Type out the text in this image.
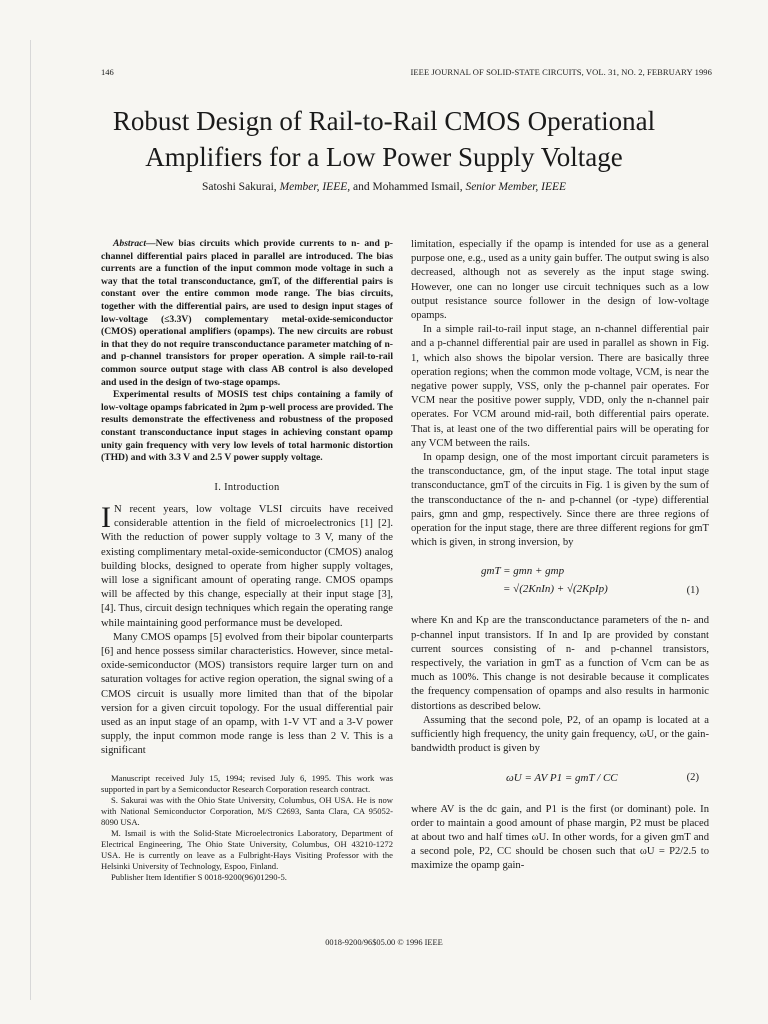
146	IEEE JOURNAL OF SOLID-STATE CIRCUITS, VOL. 31, NO. 2, FEBRUARY 1996
Robust Design of Rail-to-Rail CMOS Operational
Amplifiers for a Low Power Supply Voltage
Satoshi Sakurai, Member, IEEE, and Mohammed Ismail, Senior Member, IEEE

Abstract—New bias circuits which provide currents to n- and p-channel differential pairs placed in parallel are introduced. The bias currents are a function of the input common mode voltage in such a way that the total transconductance, gmT, of the differential pairs is constant over the entire common mode range. The bias circuits, together with the differential pairs, are used to design input stages of low-voltage (≤3.3V) complementary metal-oxide-semiconductor (CMOS) operational amplifiers (opamps). The new circuits are robust in that they do not require transconductance parameter matching of n- and p-channel transistors for proper operation. A simple rail-to-rail common source output stage with class AB control is also developed and used in the design of two-stage opamps.

Experimental results of MOSIS test chips containing a family of low-voltage opamps fabricated in 2μm p-well process are provided. The results demonstrate the effectiveness and robustness of the proposed constant transconductance input stages in achieving constant opamp unity gain frequency with very low levels of total harmonic distortion (THD) and with 3.3 V and 2.5 V power supply voltage.

I. Introduction

I N recent years, low voltage VLSI circuits have received considerable attention in the field of microelectronics [1] [2]. With the reduction of power supply voltage to 3 V, many of the existing complimentary metal-oxide-semiconductor (CMOS) analog building blocks, designed to operate from higher supply voltages, will lose a significant amount of operating range. CMOS opamps will be affected by this change, especially at their input stage [3], [4]. Thus, circuit design techniques which regain the operating range while maintaining good performance must be developed.

Many CMOS opamps [5] evolved from their bipolar counterparts [6] and hence possess similar characteristics. However, since metal-oxide-semiconductor (MOS) transistors require larger turn on and saturation voltages for active region operation, the signal swing of a CMOS circuit is usually more limited than that of the bipolar version for a given circuit topology. For the usual differential pair used as an input stage of an opamp, with 1-V VT and a 3-V power supply, the input common mode range is less than 2 V. This is a significant

Manuscript received July 15, 1994; revised July 6, 1995. This work was supported in part by a Semiconductor Research Corporation research contract.

S. Sakurai was with the Ohio State University, Columbus, OH USA. He is now with National Semiconductor Corporation, M/S C2693, Santa Clara, CA 95052-8090 USA.

M. Ismail is with the Solid-State Microelectronics Laboratory, Department of Electrical Engineering, The Ohio State University, Columbus, OH 43210-1272 USA. He is currently on leave as a Fulbright-Hays Visiting Professor with the Helsinki University of Technology, Espoo, Finland.

Publisher Item Identifier S 0018-9200(96)01290-5.

limitation, especially if the opamp is intended for use as a general purpose one, e.g., used as a unity gain buffer. The output swing is also decreased, although not as severely as the input stage swing. However, one can no longer use circuit techniques such as a low output resistance source follower in the design of low-voltage opamps.

In a simple rail-to-rail input stage, an n-channel differential pair and a p-channel differential pair are used in parallel as shown in Fig. 1, which also shows the bipolar version. There are basically three operation regions; when the common mode voltage, VCM, is near the negative power supply, VSS, only the p-channel pair operates. For VCM near the positive power supply, VDD, only the n-channel pair operates. For VCM around mid-rail, both differential pairs operate. That is, at least one of the two differential pairs will be operating for any VCM between the rails.

In opamp design, one of the most important circuit parameters is the transconductance, gm, of the input stage. The total input stage transconductance, gmT of the circuits in Fig. 1 is given by the sum of the transconductance of the n- and p-channel (or -type) differential pairs, gmn and gmp, respectively. Since there are three regions of operation for the input stage, there are three different regions for gmT which is given, in strong inversion, by

gmT = gmn + gmp
= √(2KnIn) + √(2KpIp)	(1)

where Kn and Kp are the transconductance parameters of the n- and p-channel input transistors. If In and Ip are provided by constant current sources consisting of n- and p-channel transistors, respectively, the variation in gmT as a function of Vcm can be as much as 100%. This change is not desirable because it complicates the frequency compensation of opamps and also results in harmonic distortions as described below.

Assuming that the second pole, P2, of an opamp is located at a sufficiently high frequency, the unity gain frequency, ωU, or the gain-bandwidth product is given by

ωU = AV P1 = gmT / CC	(2)

where AV is the dc gain, and P1 is the first (or dominant) pole. In order to maintain a good amount of phase margin, P2 must be placed at about two and half times ωU. In other words, for a given gmT and a second pole, P2, CC should be chosen such that ωU = P2/2.5 to maximize the opamp gain-

0018-9200/96$05.00 © 1996 IEEE
